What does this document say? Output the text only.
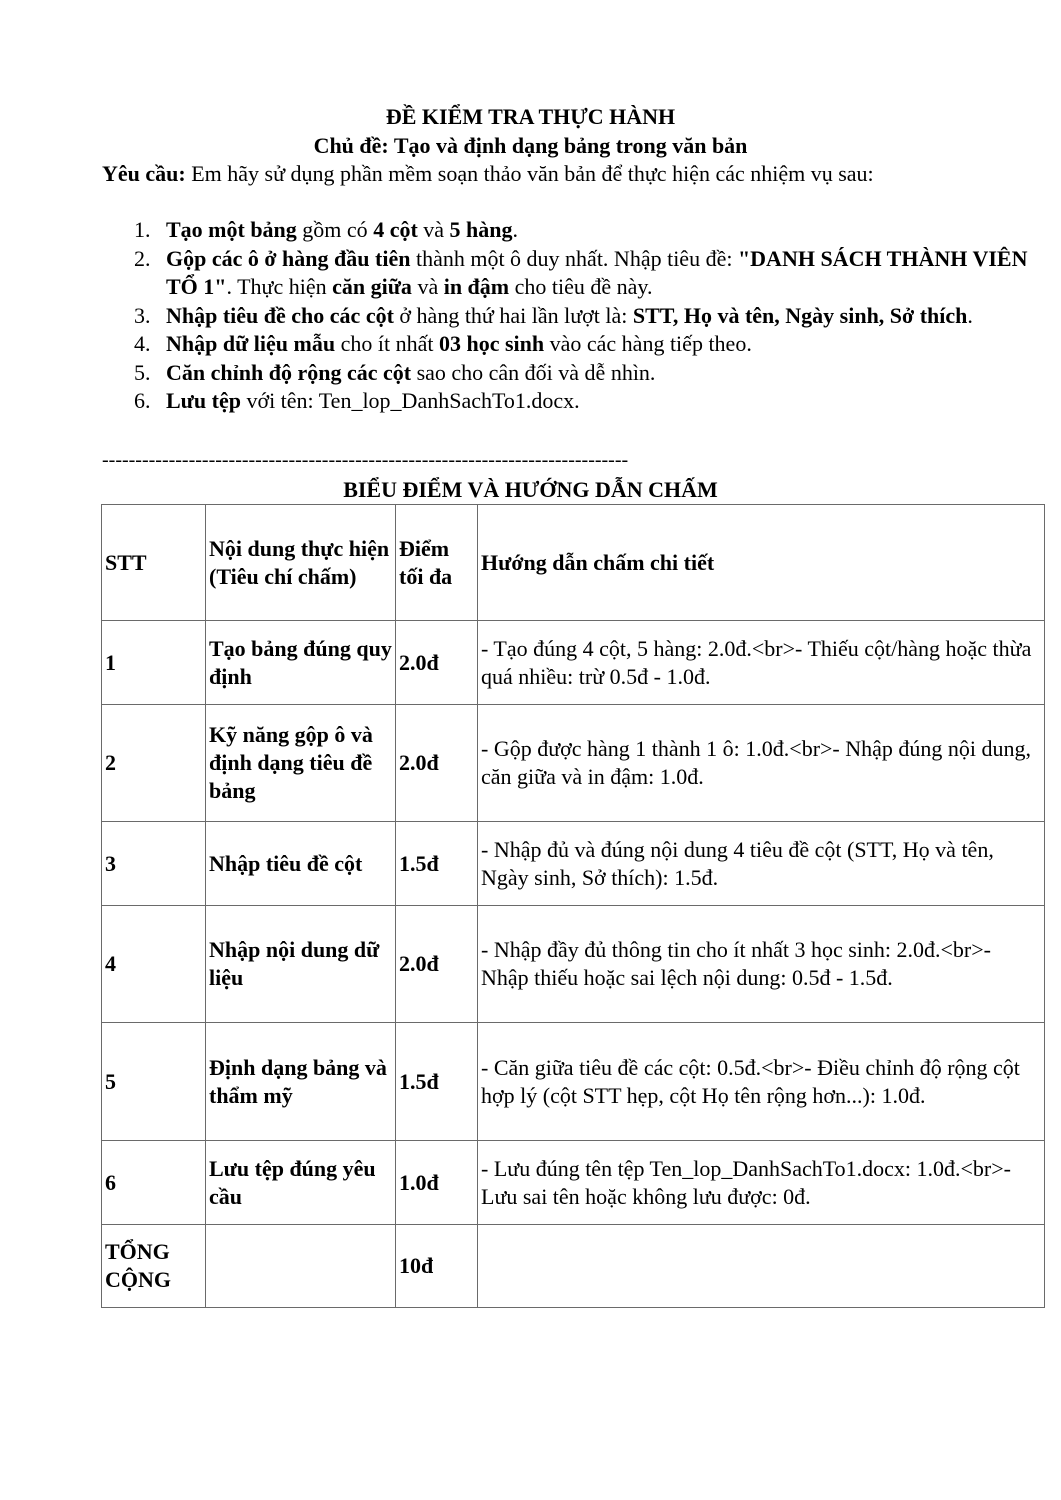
ĐỀ KIỂM TRA THỰC HÀNH
Chủ đề: Tạo và định dạng bảng trong văn bản
Yêu cầu: Em hãy sử dụng phần mềm soạn thảo văn bản để thực hiện các nhiệm vụ sau:
Tạo một bảng gồm có 4 cột và 5 hàng.
Gộp các ô ở hàng đầu tiên thành một ô duy nhất. Nhập tiêu đề: "DANH SÁCH THÀNH VIÊN TỔ 1". Thực hiện căn giữa và in đậm cho tiêu đề này.
Nhập tiêu đề cho các cột ở hàng thứ hai lần lượt là: STT, Họ và tên, Ngày sinh, Sở thích.
Nhập dữ liệu mẫu cho ít nhất 03 học sinh vào các hàng tiếp theo.
Căn chỉnh độ rộng các cột sao cho cân đối và dễ nhìn.
Lưu tệp với tên: Ten_lop_DanhSachTo1.docx.
-------------------------------------------------------------------------------
BIỂU ĐIỂM VÀ HƯỚNG DẪN CHẤM
STT	Nội dung thực hiện (Tiêu chí chấm)	Điểm tối đa	Hướng dẫn chấm chi tiết
1	Tạo bảng đúng quy định	2.0đ	- Tạo đúng 4 cột, 5 hàng: 2.0đ.<br>- Thiếu cột/hàng hoặc thừa quá nhiều: trừ 0.5đ - 1.0đ.
2	Kỹ năng gộp ô và định dạng tiêu đề bảng	2.0đ	- Gộp được hàng 1 thành 1 ô: 1.0đ.<br>- Nhập đúng nội dung, căn giữa và in đậm: 1.0đ.
3	Nhập tiêu đề cột	1.5đ	- Nhập đủ và đúng nội dung 4 tiêu đề cột (STT, Họ và tên, Ngày sinh, Sở thích): 1.5đ.
4	Nhập nội dung dữ liệu	2.0đ	- Nhập đầy đủ thông tin cho ít nhất 3 học sinh: 2.0đ.<br>- Nhập thiếu hoặc sai lệch nội dung: 0.5đ - 1.5đ.
5	Định dạng bảng và thẩm mỹ	1.5đ	- Căn giữa tiêu đề các cột: 0.5đ.<br>- Điều chỉnh độ rộng cột hợp lý (cột STT hẹp, cột Họ tên rộng hơn...): 1.0đ.
6	Lưu tệp đúng yêu cầu	1.0đ	- Lưu đúng tên tệp Ten_lop_DanhSachTo1.docx: 1.0đ.<br>- Lưu sai tên hoặc không lưu được: 0đ.
TỔNG CỘNG		10đ	
